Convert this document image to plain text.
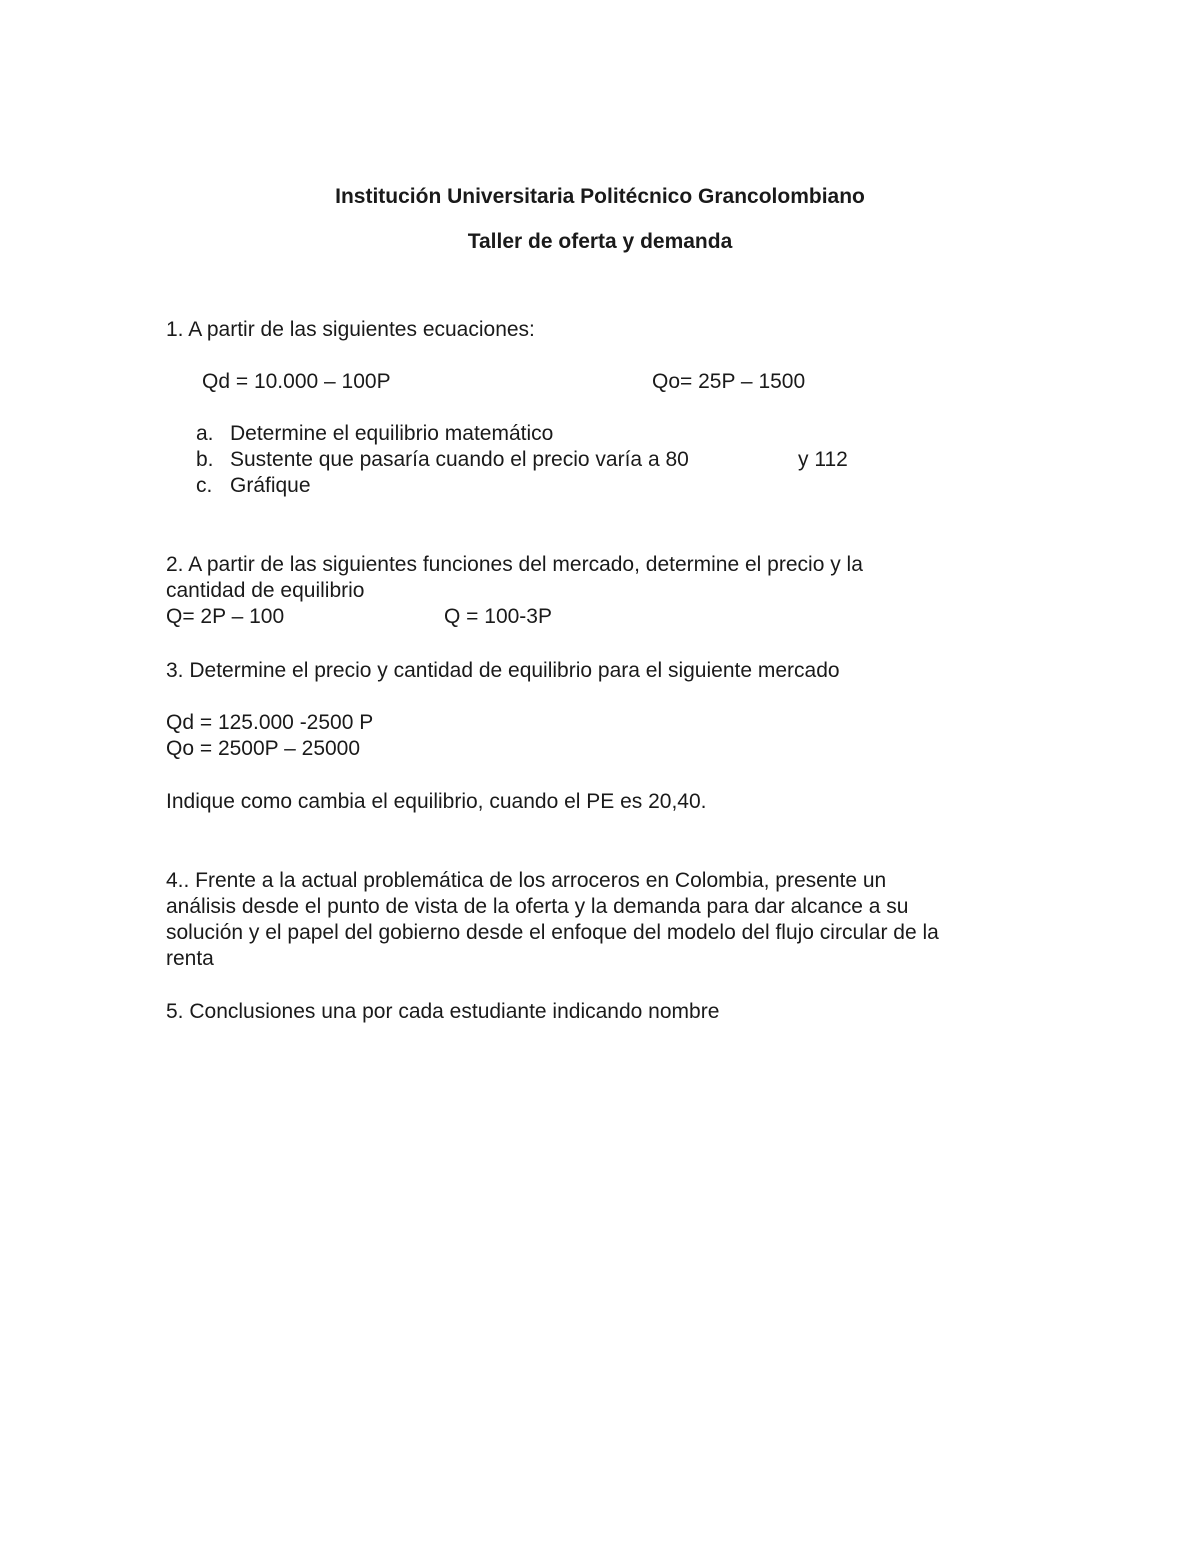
Institución Universitaria Politécnico Grancolombiano
Taller de oferta y demanda
1. A partir de las siguientes ecuaciones:
Qd = 10.000 – 100P	Qo= 25P – 1500
a. Determine el equilibrio matemático
b. Sustente que pasaría cuando el precio varía a 80	y 112
c. Gráfique
2. A partir de las siguientes funciones del mercado, determine el precio y la
cantidad de equilibrio
Q= 2P – 100	Q = 100-3P
3. Determine el precio y cantidad de equilibrio para el siguiente mercado
Qd = 125.000 -2500 P
Qo = 2500P – 25000
Indique como cambia el equilibrio, cuando el PE es 20,40.
4.. Frente a la actual problemática de los arroceros en Colombia, presente un
análisis desde el punto de vista de la oferta y la demanda para dar alcance a su
solución y el papel del gobierno desde el enfoque del modelo del flujo circular de la
renta
5. Conclusiones una por cada estudiante indicando nombre
